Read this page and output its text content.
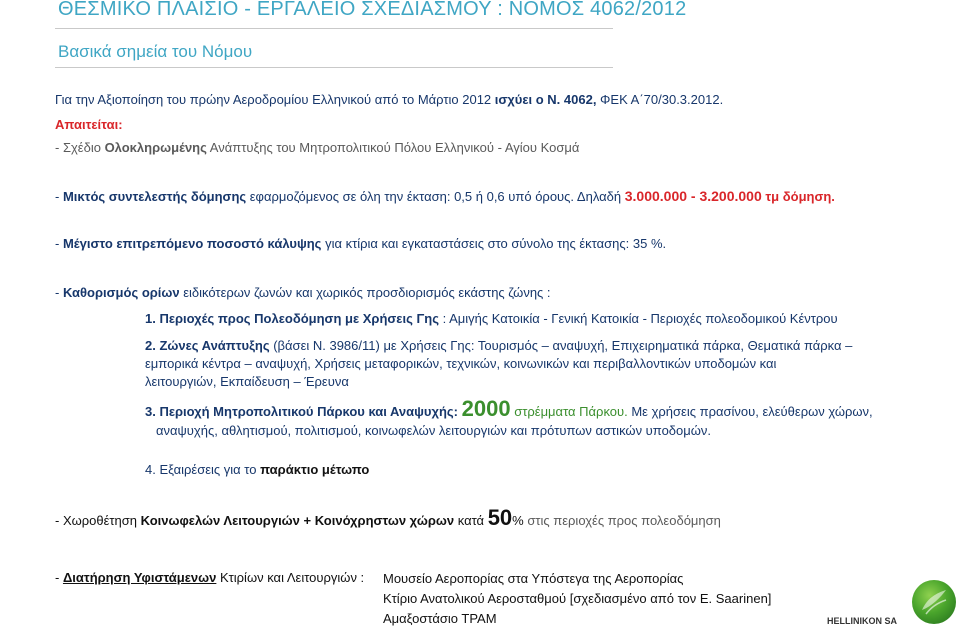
ΘΕΣΜΙΚΟ ΠΛΑΙΣΙΟ - ΕΡΓΑΛΕΙΟ ΣΧΕΔΙΑΣΜΟΥ : ΝΟΜΟΣ 4062/2012
Βασικά σημεία του Νόμου
Για την Αξιοποίηση του πρώην Αεροδρομίου Ελληνικού από το Μάρτιο 2012 ισχύει ο Ν. 4062, ΦΕΚ Α΄70/30.3.2012.
Απαιτείται:
- Σχέδιο Ολοκληρωμένης Ανάπτυξης του Μητροπολιτικού Πόλου Ελληνικού - Αγίου Κοσμά
- Μικτός συντελεστής δόμησης εφαρμοζόμενος σε όλη την έκταση: 0,5 ή 0,6 υπό όρους. Δηλαδή 3.000.000 - 3.200.000 τμ δόμηση.
- Μέγιστο επιτρεπόμενο ποσοστό κάλυψης για κτίρια και εγκαταστάσεις στο σύνολο της έκτασης: 35 %.
- Καθορισμός ορίων ειδικότερων ζωνών και χωρικός προσδιορισμός εκάστης ζώνης :
1. Περιοχές προς Πολεοδόμηση με Χρήσεις Γης : Αμιγής Κατοικία - Γενική Κατοικία - Περιοχές πολεοδομικού Κέντρου
2. Ζώνες Ανάπτυξης (βάσει Ν. 3986/11) με Χρήσεις Γης: Τουρισμός – αναψυχή, Επιχειρηματικά πάρκα, Θεματικά πάρκα –
εμπορικά κέντρα – αναψυχή, Χρήσεις μεταφορικών, τεχνικών, κοινωνικών και περιβαλλοντικών υποδομών και
λειτουργιών, Εκπαίδευση – Έρευνα
3. Περιοχή Μητροπολιτικού Πάρκου και Αναψυχής: 2000 στρέμματα Πάρκου. Με χρήσεις πρασίνου, ελεύθερων χώρων,
αναψυχής, αθλητισμού, πολιτισμού, κοινωφελών λειτουργιών και πρότυπων αστικών υποδομών.
4. Εξαιρέσεις για το παράκτιο μέτωπο
- Χωροθέτηση Κοινωφελών Λειτουργιών + Κοινόχρηστων χώρων κατά 50% στις περιοχές προς πολεοδόμηση
- Διατήρηση Υφιστάμενων Κτιρίων και Λειτουργιών : Μουσείο Αεροπορίας στα Υπόστεγα της Αεροπορίας
Κτίριο Ανατολικού Αεροσταθμού [σχεδιασμένο από τον Ε. Saarinen]
Αμαξοστάσιο ΤΡΑΜ	HELLINIKON SA
